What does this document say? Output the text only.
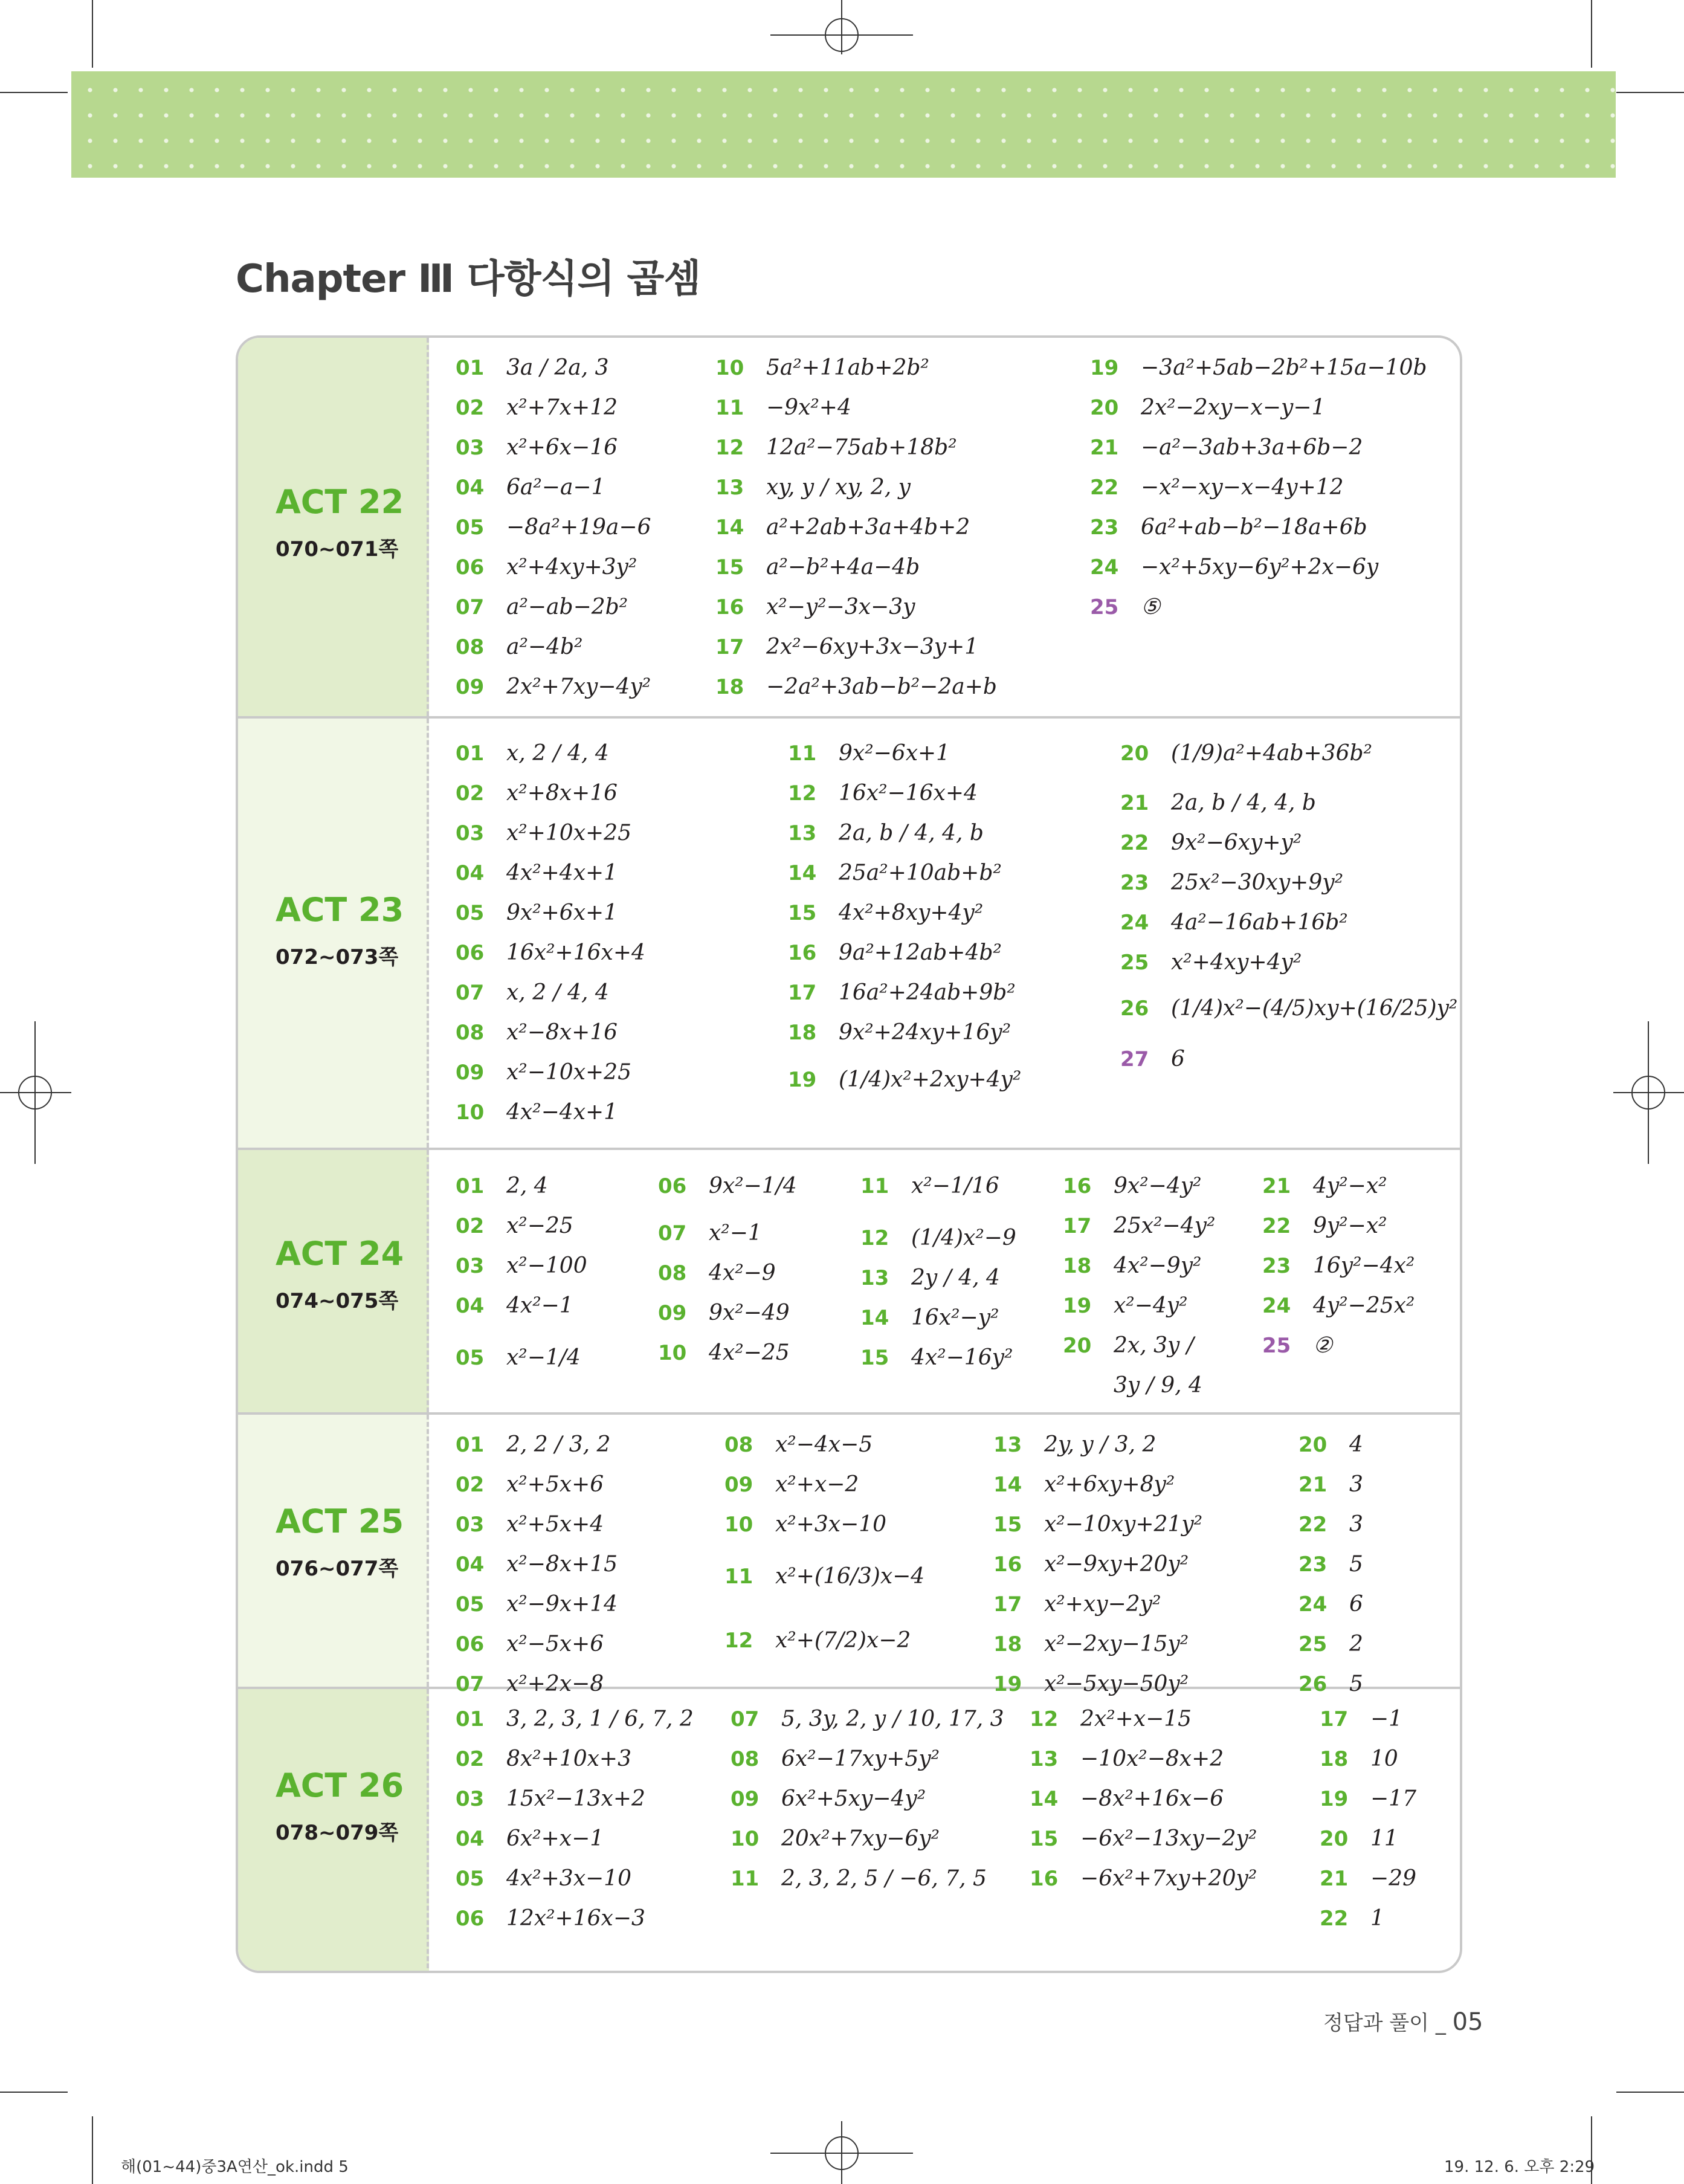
Chapter Ⅲ 다항식의 곱셈
ACT 22
070~071쪽
01 3a / 2a, 3
02 x²+7x+12
03 x²+6x−16
04 6a²−a−1
05 −8a²+19a−6
06 x²+4xy+3y²
07 a²−ab−2b²
08 a²−4b²
09 2x²+7xy−4y²
10 5a²+11ab+2b²
11 −9x²+4
12 12a²−75ab+18b²
13 xy, y / xy, 2, y
14 a²+2ab+3a+4b+2
15 a²−b²+4a−4b
16 x²−y²−3x−3y
17 2x²−6xy+3x−3y+1
18 −2a²+3ab−b²−2a+b
19 −3a²+5ab−2b²+15a−10b
20 2x²−2xy−x−y−1
21 −a²−3ab+3a+6b−2
22 −x²−xy−x−4y+12
23 6a²+ab−b²−18a+6b
24 −x²+5xy−6y²+2x−6y
25 ⑤
ACT 23
072~073쪽
01 x, 2 / 4, 4
02 x²+8x+16
03 x²+10x+25
04 4x²+4x+1
05 9x²+6x+1
06 16x²+16x+4
07 x, 2 / 4, 4
08 x²−8x+16
09 x²−10x+25
10 4x²−4x+1
11 9x²−6x+1
12 16x²−16x+4
13 2a, b / 4, 4, b
14 25a²+10ab+b²
15 4x²+8xy+4y²
16 9a²+12ab+4b²
17 16a²+24ab+9b²
18 9x²+24xy+16y²
19 (1/4)x²+2xy+4y²
20 (1/9)a²+4ab+36b²
21 2a, b / 4, 4, b
22 9x²−6xy+y²
23 25x²−30xy+9y²
24 4a²−16ab+16b²
25 x²+4xy+4y²
26 (1/4)x²−(4/5)xy+(16/25)y²
27 6
ACT 24
074~075쪽
01 2, 4
02 x²−25
03 x²−100
04 4x²−1
05 x²−1/4
06 9x²−1/4
07 x²−1
08 4x²−9
09 9x²−49
10 4x²−25
11 x²−1/16
12 (1/4)x²−9
13 2y / 4, 4
14 16x²−y²
15 4x²−16y²
16 9x²−4y²
17 25x²−4y²
18 4x²−9y²
19 x²−4y²
20 2x, 3y /
3y / 9, 4
21 4y²−x²
22 9y²−x²
23 16y²−4x²
24 4y²−25x²
25 ②
ACT 25
076~077쪽
01 2, 2 / 3, 2
02 x²+5x+6
03 x²+5x+4
04 x²−8x+15
05 x²−9x+14
06 x²−5x+6
07 x²+2x−8
08 x²−4x−5
09 x²+x−2
10 x²+3x−10
11 x²+(16/3)x−4
12 x²+(7/2)x−2
13 2y, y / 3, 2
14 x²+6xy+8y²
15 x²−10xy+21y²
16 x²−9xy+20y²
17 x²+xy−2y²
18 x²−2xy−15y²
19 x²−5xy−50y²
20 4
21 3
22 3
23 5
24 6
25 2
26 5
ACT 26
078~079쪽
01 3, 2, 3, 1 / 6, 7, 2
02 8x²+10x+3
03 15x²−13x+2
04 6x²+x−1
05 4x²+3x−10
06 12x²+16x−3
07 5, 3y, 2, y / 10, 17, 3
08 6x²−17xy+5y²
09 6x²+5xy−4y²
10 20x²+7xy−6y²
11 2, 3, 2, 5 / −6, 7, 5
12 2x²+x−15
13 −10x²−8x+2
14 −8x²+16x−6
15 −6x²−13xy−2y²
16 −6x²+7xy+20y²
17 −1
18 10
19 −17
20 11
21 −29
22 1
정답과 풀이 _ 05
해(01~44)중3A연산_ok.indd 5	19. 12. 6. 오후 2:29
